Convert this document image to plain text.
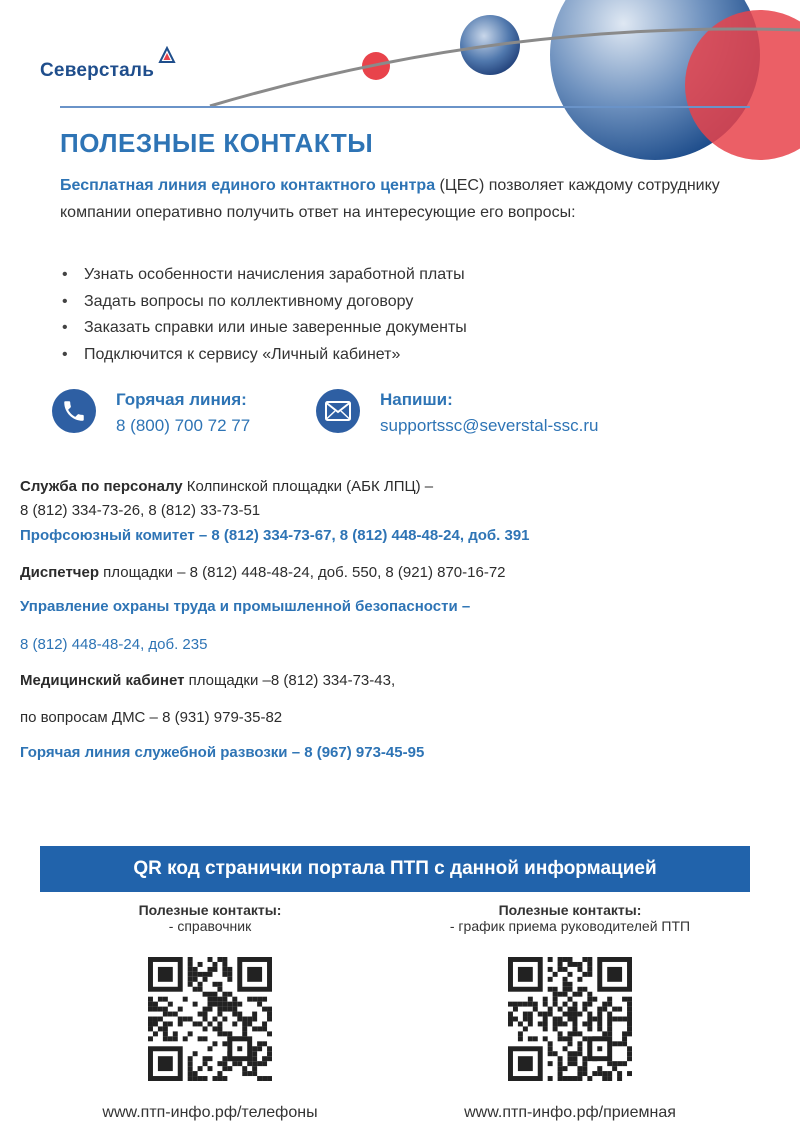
Северсталь
ПОЛЕЗНЫЕ КОНТАКТЫ
Бесплатная линия единого контактного центра (ЦЕС) позволяет каждому сотруднику компании оперативно получить ответ на интересующие его вопросы:
• Узнать особенности начисления заработной платы
• Задать вопросы по коллективному договору
• Заказать справки или иные заверенные документы
• Подключится к сервису «Личный кабинет»
Горячая линия:
8 (800) 700 72 77
Напиши:
supportssc@severstal-ssc.ru
Служба по персоналу Колпинской площадки (АБК ЛПЦ) –
8 (812) 334-73-26, 8 (812) 33-73-51
Профсоюзный комитет – 8 (812) 334-73-67, 8 (812) 448-48-24, доб. 391
Диспетчер площадки – 8 (812) 448-48-24, доб. 550, 8 (921) 870-16-72
Управление охраны труда и промышленной безопасности –
8 (812) 448-48-24, доб. 235
Медицинский кабинет площадки –8 (812) 334-73-43,
по вопросам ДМС – 8 (931) 979-35-82
Горячая линия служебной развозки – 8 (967) 973-45-95
QR код странички портала ПТП с данной информацией
Полезные контакты:
- справочник
Полезные контакты:
- график приема руководителей ПТП
www.птп-инфо.рф/телефоны	www.птп-инфо.рф/приемная
